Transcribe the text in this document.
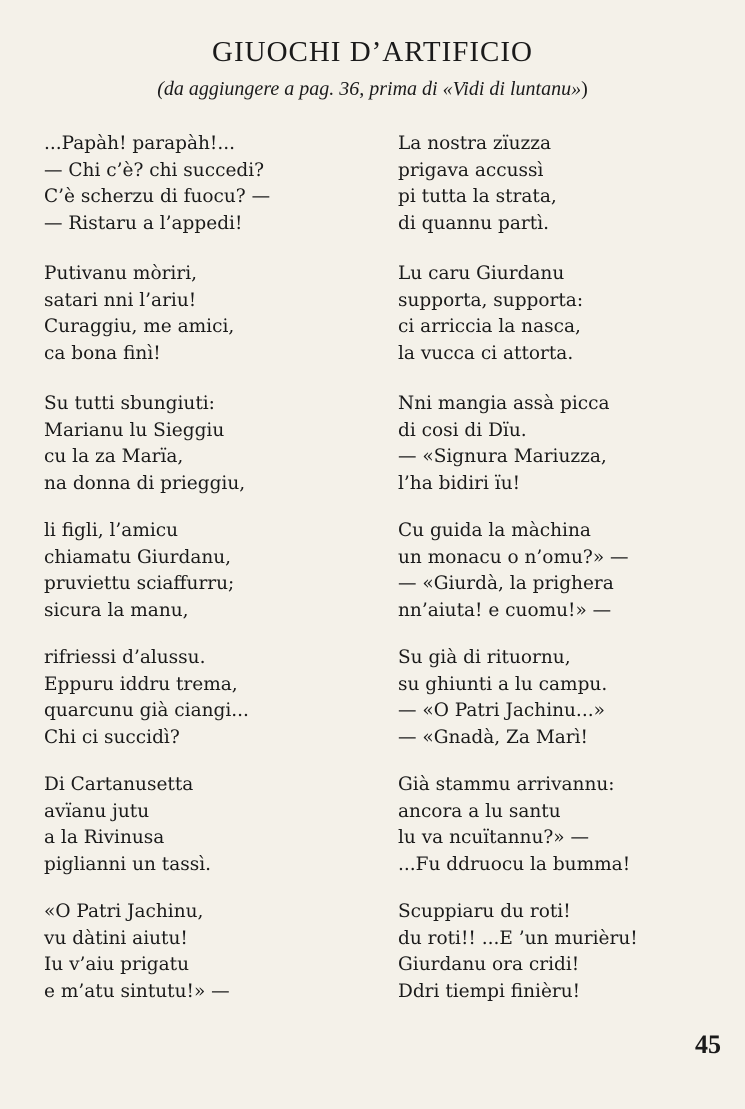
GIUOCHI D’ARTIFICIO
(da aggiungere a pag. 36, prima di «Vidi di luntanu»)
...Papàh! parapàh!...
— Chi c’è? chi succedi?
C’è scherzu di fuocu? —
— Ristaru a l’appedi!
Putivanu mòriri,
satari nni l’ariu!
Curaggiu, me amici,
ca bona finì!
Su tutti sbungiuti:
Marianu lu Sieggiu
cu la za Marïa,
na donna di prieggiu,
li figli, l’amicu
chiamatu Giurdanu,
pruviettu sciaffurru;
sicura la manu,
rifriessi d’alussu.
Eppuru iddru trema,
quarcunu già ciangi...
Chi ci succidì?
Di Cartanusetta
avïanu jutu
a la Rivinusa
piglianni un tassì.
«O Patri Jachinu,
vu dàtini aiutu!
Iu v’aiu prigatu
e m’atu sintutu!» —
La nostra zïuzza
prigava accussì
pi tutta la strata,
di quannu partì.
Lu caru Giurdanu
supporta, supporta:
ci arriccia la nasca,
la vucca ci attorta.
Nni mangia assà picca
di cosi di Dïu.
— «Signura Mariuzza,
l’ha bidiri ïu!
Cu guida la màchina
un monacu o n’omu?» —
— «Giurdà, la prighera
nn’aiuta! e cuomu!» —
Su già di rituornu,
su ghiunti a lu campu.
— «O Patri Jachinu...»
— «Gnadà, Za Marì!
Già stammu arrivannu:
ancora a lu santu
lu va ncuïtannu?» —
...Fu ddruocu la bumma!
Scuppiaru du roti!
du roti!! ...E ’un murièru!
Giurdanu ora cridi!
Ddri tiempi finièru!
45
